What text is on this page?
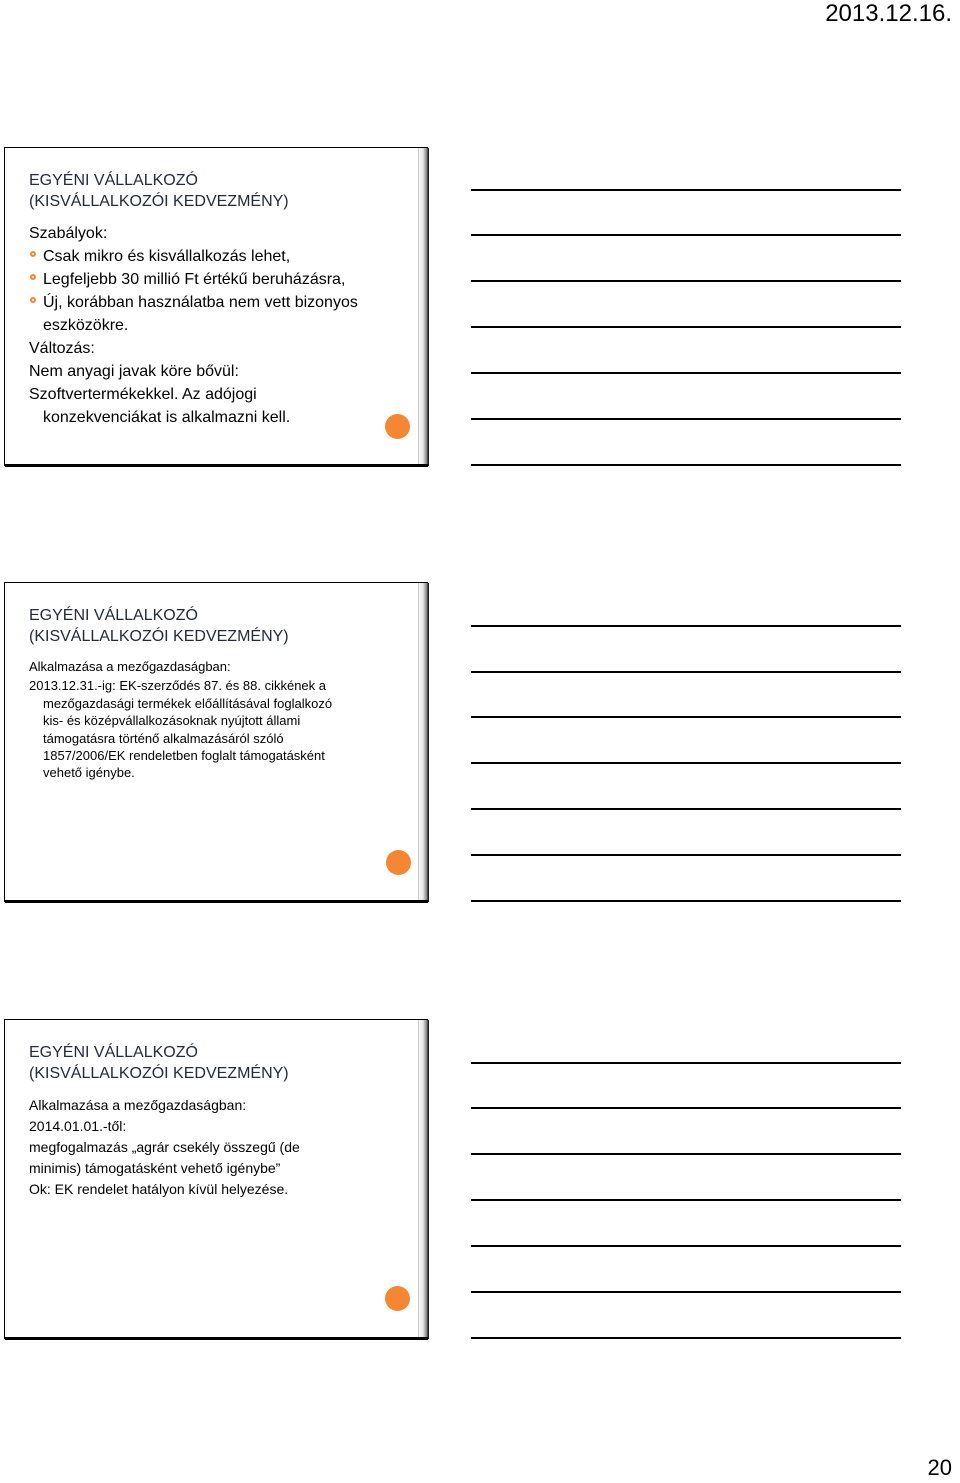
2013.12.16.
EGYÉNI VÁLLALKOZÓ
(KISVÁLLALKOZÓI KEDVEZMÉNY)
Szabályok:
Csak mikro és kisvállalkozás lehet,
Legfeljebb 30 millió Ft értékű beruházásra,
Új, korábban használatba nem vett bizonyos
eszközökre.
Változás:
Nem anyagi javak köre bővül:
Szoftvertermékekkel. Az adójogi
konzekvenciákat is alkalmazni kell.
EGYÉNI VÁLLALKOZÓ
(KISVÁLLALKOZÓI KEDVEZMÉNY)
Alkalmazása a mezőgazdaságban:
2013.12.31.-ig: EK-szerződés 87. és 88. cikkének a
mezőgazdasági termékek előállításával foglalkozó
kis- és középvállalkozásoknak nyújtott állami
támogatásra történő alkalmazásáról szóló
1857/2006/EK rendeletben foglalt támogatásként
vehető igénybe.
EGYÉNI VÁLLALKOZÓ
(KISVÁLLALKOZÓI KEDVEZMÉNY)
Alkalmazása a mezőgazdaságban:
2014.01.01.-től:
megfogalmazás „agrár csekély összegű (de
minimis) támogatásként vehető igénybe”
Ok: EK rendelet hatályon kívül helyezése.
20
